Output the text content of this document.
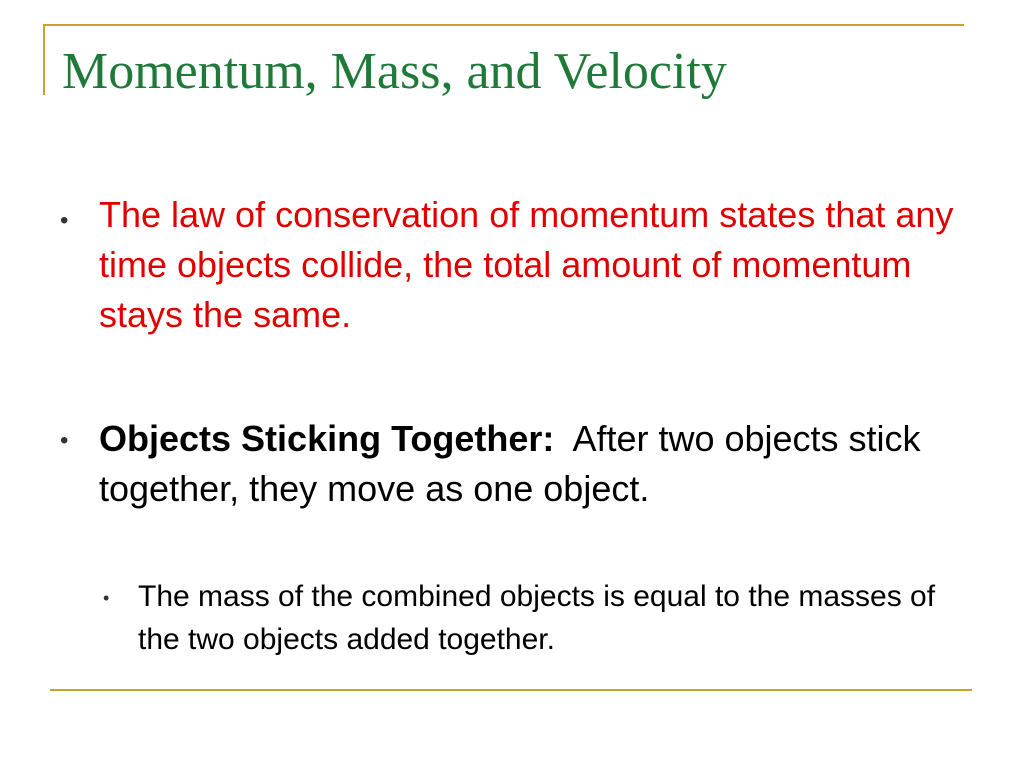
Momentum, Mass, and Velocity
• The law of conservation of momentum states that any time objects collide, the total amount of momentum stays the same.
• Objects Sticking Together: After two objects stick together, they move as one object.
• The mass of the combined objects is equal to the masses of the two objects added together.
